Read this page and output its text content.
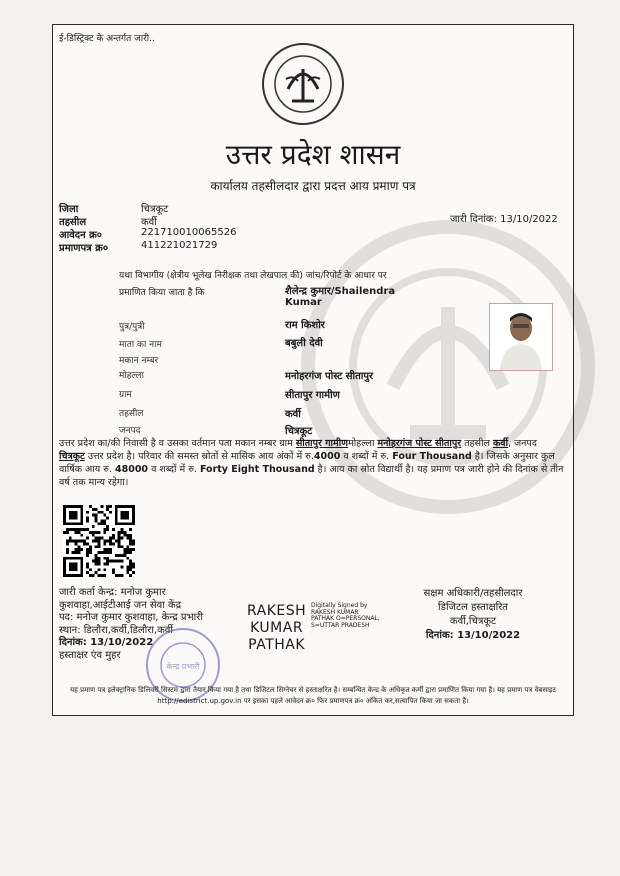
ई-डिस्ट्रिक्ट के अन्तर्गत जारी..
उत्तर प्रदेश शासन
कार्यालय तहसीलदार द्वारा प्रदत्त आय प्रमाण पत्र
जिला	चित्रकूट
तहसील	कर्वी
आवेदन क्र०	221710010065526
प्रमाणपत्र क्र०	411221021729
जारी दिनांक: 13/10/2022
यथा विभागीय (क्षेत्रीय भूलेख निरीक्षक तथा लेखपाल की) जांच/रिपोर्ट के आधार पर
प्रमाणित किया जाता है कि	शैलेन्द्र कुमार/Shailendra
Kumar
पुत्र/पुत्री	राम किशोर
माता का नाम	बबुली देवी
मकान नम्बर
मोहल्ला	मनोहरगंज पोस्ट सीतापुर
ग्राम	सीतापुर गामीण
तहसील	कर्वी
जनपद	चित्रकूट
उत्तर प्रदेश का/की निवासी है व उसका वर्तमान पता मकान नम्बर ग्राम सीतापुर गामीणमोहल्ला मनोहरगंज पोस्ट सीतापुर तहसील कर्वी, जनपद चित्रकूट उत्तर प्रदेश है। परिवार की समस्त स्रोतों से मासिक आय अंकों में रु.4000 व शब्दों में रु. Four Thousand है। जिसके अनुसार कुल वार्षिक आय रु. 48000 व शब्दों में रु. Forty Eight Thousand है। आय का स्रोत विद्यार्थी है। यह प्रमाण पत्र जारी होने की दिनांक से तीन वर्ष तक मान्य रहेगा।
जारी कर्ता केन्द्र: मनोज कुमार
कुशवाहा,आईटीआई जन सेवा केंद्र
पद: मनोज कुमार कुशवाहा, केन्द्र प्रभारी
स्थान: डिलौरा,कर्वी,डिलौरा,कर्वी
दिनांक: 13/10/2022
हस्ताक्षर एंव मुहर
केन्द्र प्रभारी
RAKESH
KUMAR
PATHAK
Digitally Signed by
RAKESH KUMAR
PATHAK O=PERSONAL,
S=UTTAR PRADESH
सक्षम अधिकारी/तहसीलदार
डिजिटल हस्ताक्षरित
कर्वी,चित्रकूट
दिनांक: 13/10/2022
यह प्रमाण पत्र इलेक्ट्रानिक डिलिवरी सिस्टम द्वारा तैयार किया गया है तथा डिजिटल सिग्नेचर से हस्ताक्षरित है। सम्बन्धित केन्द्र के अधिकृत कर्मी द्वारा प्रमाणित किया गया है। यह प्रमाण पत्र वेबसाइट http://edistrict.up.gov.in पर इसका पहले आवेदन क्र० फिर प्रमाणपत्र क्र० अंकित कर,सत्यापित किया जा सकता है।
